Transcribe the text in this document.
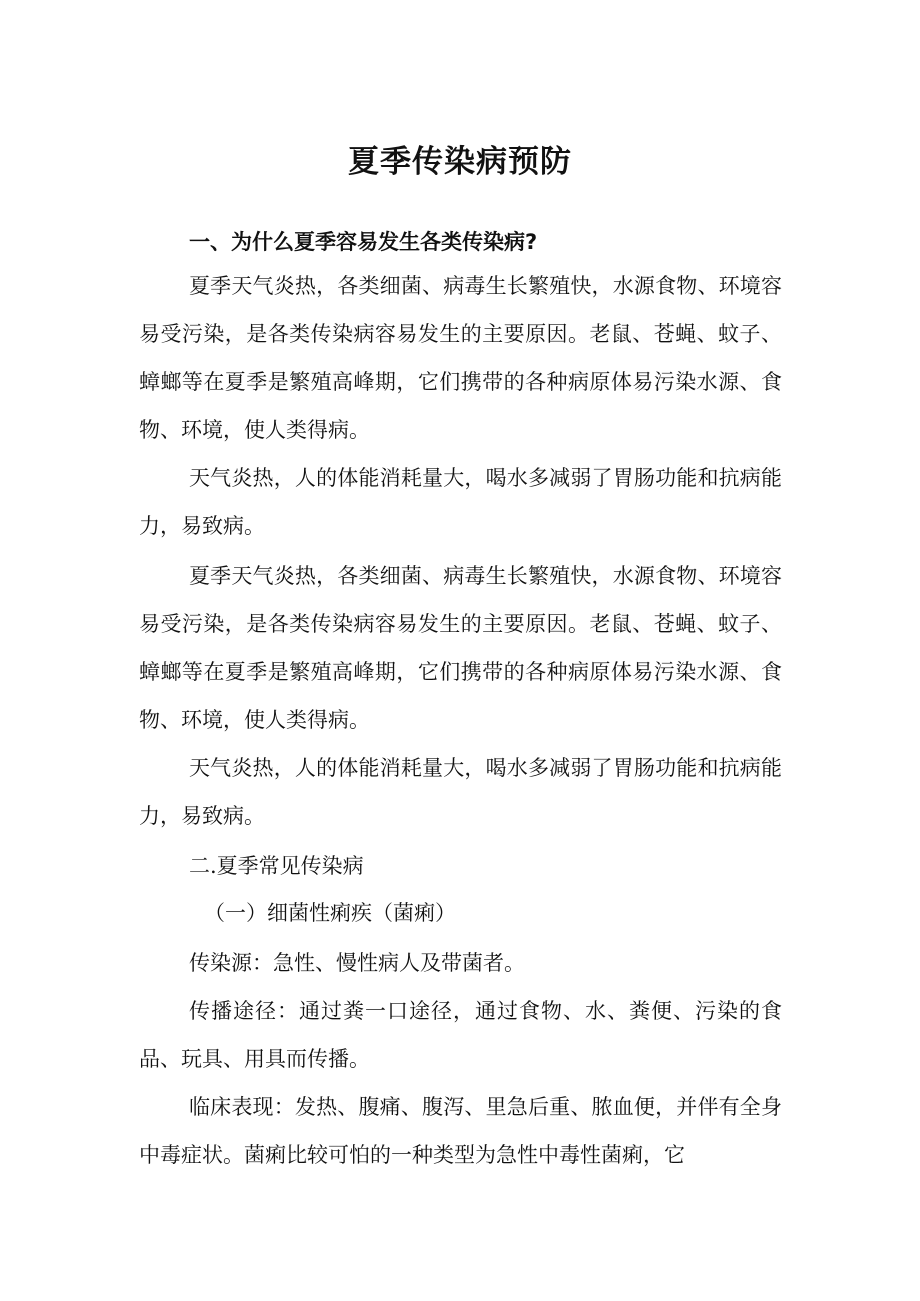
夏季传染病预防
一、为什么夏季容易发生各类传染病?

夏季天气炎热，各类细菌、病毒生长繁殖快，水源食物、环境容易受污染，是各类传染病容易发生的主要原因。老鼠、苍蝇、蚊子、蟑螂等在夏季是繁殖高峰期，它们携带的各种病原体易污染水源、食物、环境，使人类得病。

天气炎热，人的体能消耗量大，喝水多减弱了胃肠功能和抗病能力，易致病。

夏季天气炎热，各类细菌、病毒生长繁殖快，水源食物、环境容易受污染，是各类传染病容易发生的主要原因。老鼠、苍蝇、蚊子、蟑螂等在夏季是繁殖高峰期，它们携带的各种病原体易污染水源、食物、环境，使人类得病。

天气炎热，人的体能消耗量大，喝水多减弱了胃肠功能和抗病能力，易致病。

二.夏季常见传染病

（一）细菌性痢疾（菌痢）

传染源：急性、慢性病人及带菌者。

传播途径：通过粪一口途径，通过食物、水、粪便、污染的食品、玩具、用具而传播。

临床表现：发热、腹痛、腹泻、里急后重、脓血便，并伴有全身中毒症状。菌痢比较可怕的一种类型为急性中毒性菌痢，它
